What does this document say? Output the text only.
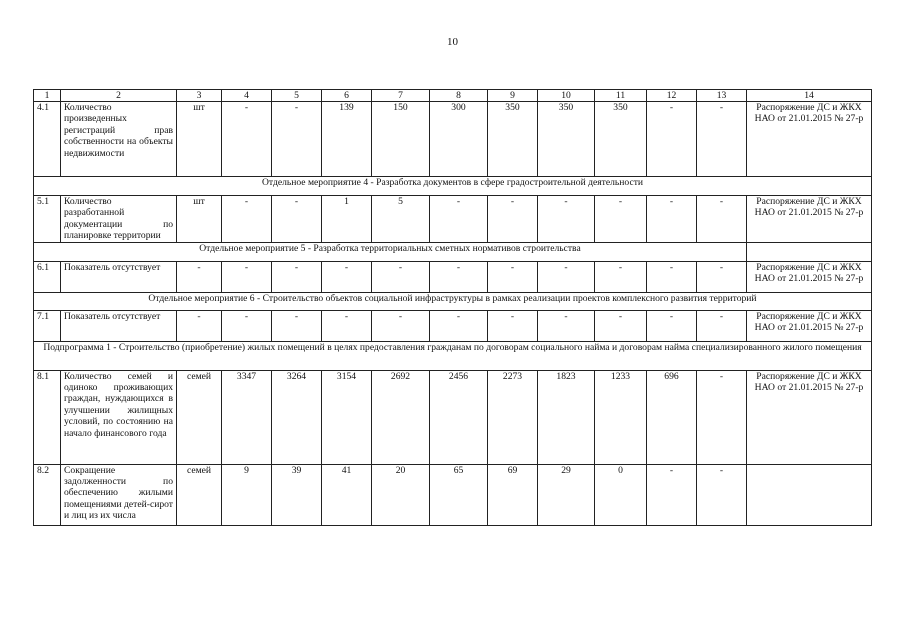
10
1	2	3	4	5	6	7	8	9	10	11	12	13	14
4.1	Количество произведенных регистраций прав собственности на объекты недвижимости	шт	-	-	139	150	300	350	350	350	-	-	Распоряжение ДС и ЖКХ НАО от 21.01.2015 № 27-р
Отдельное мероприятие 4 - Разработка документов в сфере градостроительной деятельности													
5.1	Количество разработанной документации по планировке территории	шт	-	-	1	5	-	-	-	-	-	-	Распоряжение ДС и ЖКХ НАО от 21.01.2015 № 27-р
Отдельное мероприятие 5 - Разработка территориальных сметных нормативов строительства													
6.1	Показатель отсутствует	-	-	-	-	-	-	-	-	-	-	-	Распоряжение ДС и ЖКХ НАО от 21.01.2015 № 27-р
Отдельное мероприятие 6 - Строительство объектов социальной инфраструктуры в рамках реализации проектов комплексного развития территорий													
7.1	Показатель отсутствует	-	-	-	-	-	-	-	-	-	-	-	Распоряжение ДС и ЖКХ НАО от 21.01.2015 № 27-р
Подпрограмма 1 - Строительство (приобретение) жилых помещений в целях предоставления гражданам по договорам социального найма и договорам найма специализированного жилого помещения													
8.1	Количество семей и одиноко проживающих граждан, нуждающихся в улучшении жилищных условий, по состоянию на начало финансового года	семей	3347	3264	3154	2692	2456	2273	1823	1233	696	-	Распоряжение ДС и ЖКХ НАО от 21.01.2015 № 27-р
8.2	Сокращение задолженности по обеспечению жилыми помещениями детей-сирот и лиц из их числа	семей	9	39	41	20	65	69	29	0	-	-	
